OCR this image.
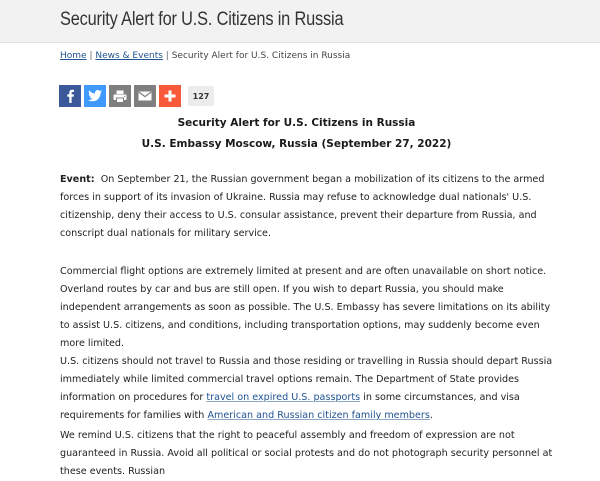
Security Alert for U.S. Citizens in Russia
Home | News & Events | Security Alert for U.S. Citizens in Russia
127
Security Alert for U.S. Citizens in Russia
U.S. Embassy Moscow, Russia (September 27, 2022)

Event: On September 21, the Russian government began a mobilization of its citizens to the armed forces in support of its invasion of Ukraine. Russia may refuse to acknowledge dual nationals' U.S. citizenship, deny their access to U.S. consular assistance, prevent their departure from Russia, and conscript dual nationals for military service.

Commercial flight options are extremely limited at present and are often unavailable on short notice. Overland routes by car and bus are still open. If you wish to depart Russia, you should make independent arrangements as soon as possible. The U.S. Embassy has severe limitations on its ability to assist U.S. citizens, and conditions, including transportation options, may suddenly become even more limited.

U.S. citizens should not travel to Russia and those residing or travelling in Russia should depart Russia immediately while limited commercial travel options remain. The Department of State provides information on procedures for travel on expired U.S. passports in some circumstances, and visa requirements for families with American and Russian citizen family members.

We remind U.S. citizens that the right to peaceful assembly and freedom of expression are not guaranteed in Russia. Avoid all political or social protests and do not photograph security personnel at these events. Russian
